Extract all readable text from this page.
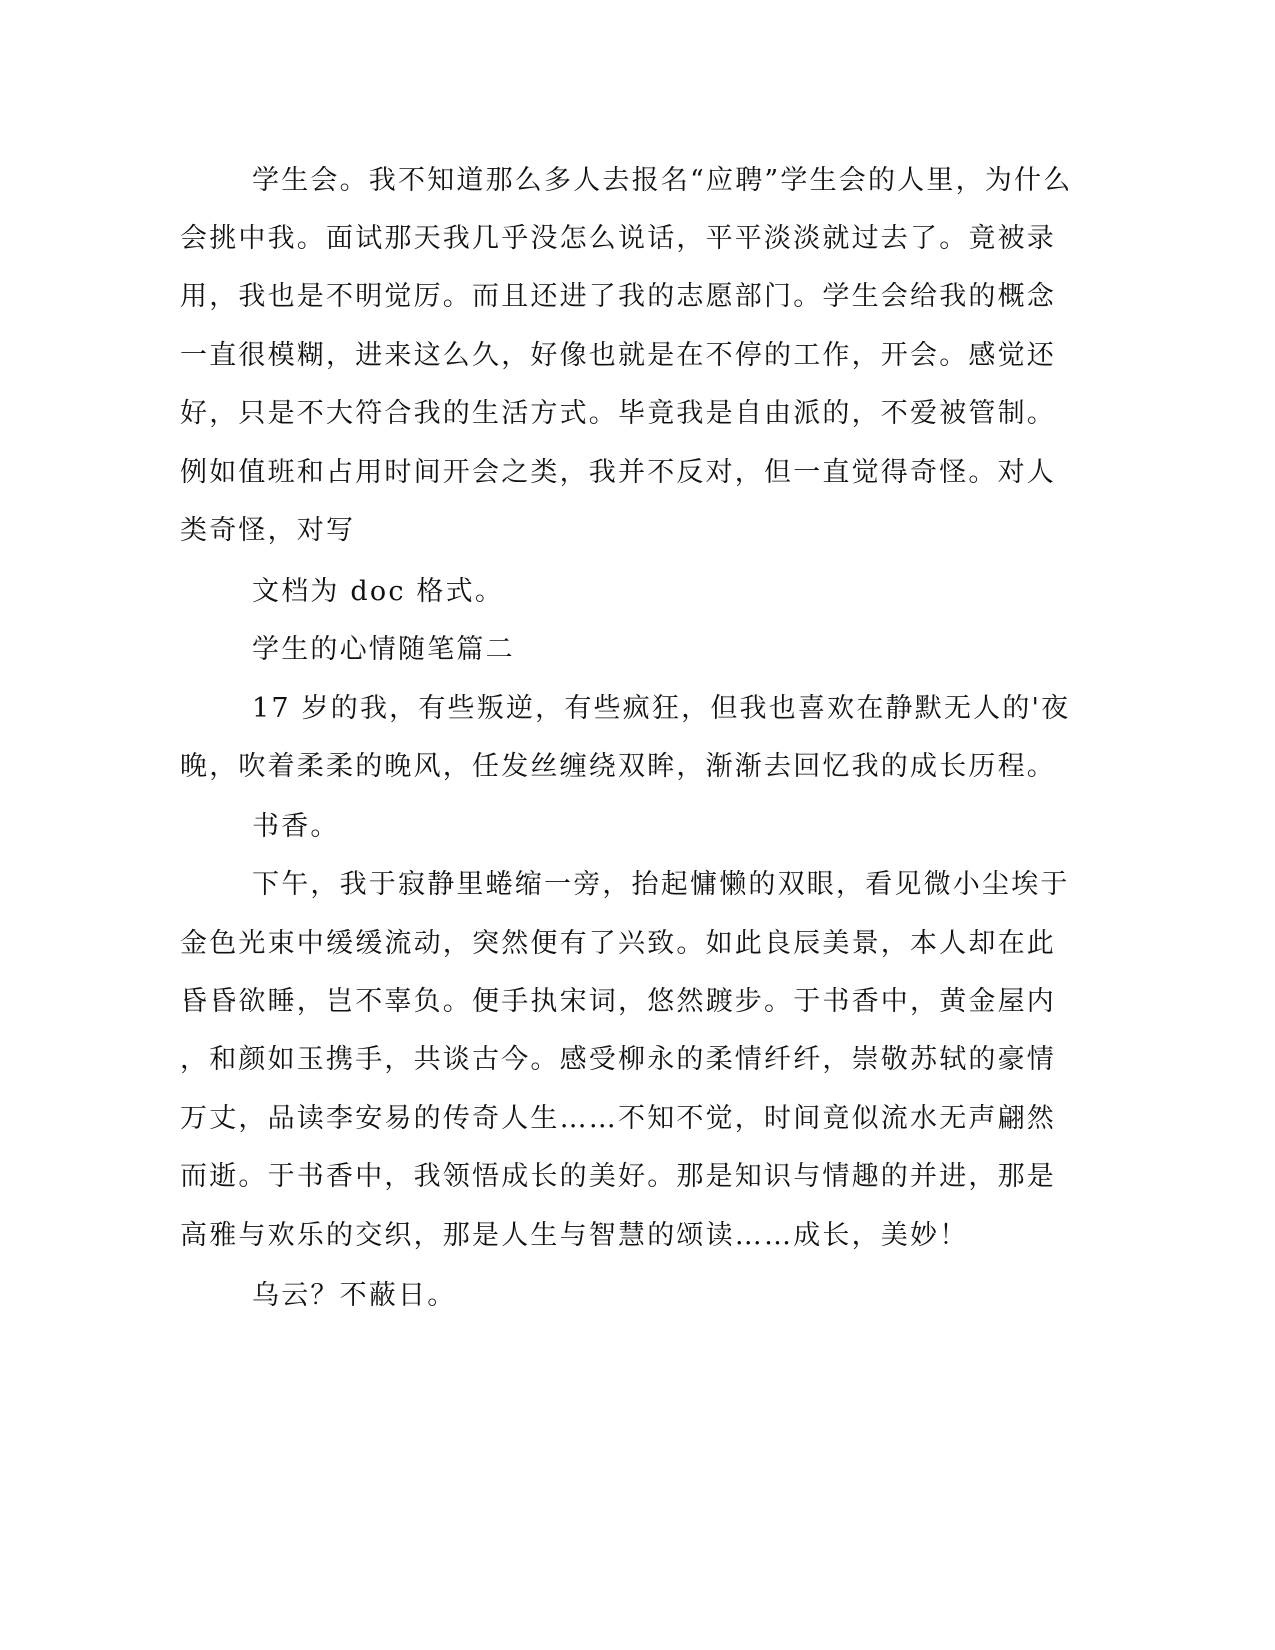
学生会。我不知道那么多人去报名“应聘”学生会的人里，为什么

会挑中我。面试那天我几乎没怎么说话，平平淡淡就过去了。竟被录

用，我也是不明觉厉。而且还进了我的志愿部门。学生会给我的概念

一直很模糊，进来这么久，好像也就是在不停的工作，开会。感觉还

好，只是不大符合我的生活方式。毕竟我是自由派的，不爱被管制。

例如值班和占用时间开会之类，我并不反对，但一直觉得奇怪。对人

类奇怪，对写

文档为 doc 格式。

学生的心情随笔篇二

17 岁的我，有些叛逆，有些疯狂，但我也喜欢在静默无人的'夜

晚，吹着柔柔的晚风，任发丝缠绕双眸，渐渐去回忆我的成长历程。

书香。

下午，我于寂静里蜷缩一旁，抬起慵懒的双眼，看见微小尘埃于

金色光束中缓缓流动，突然便有了兴致。如此良辰美景，本人却在此

昏昏欲睡，岂不辜负。便手执宋词，悠然踱步。于书香中，黄金屋内

，和颜如玉携手，共谈古今。感受柳永的柔情纤纤，崇敬苏轼的豪情

万丈，品读李安易的传奇人生……不知不觉，时间竟似流水无声翩然

而逝。于书香中，我领悟成长的美好。那是知识与情趣的并进，那是

高雅与欢乐的交织，那是人生与智慧的颂读……成长，美妙！

乌云？不蔽日。
